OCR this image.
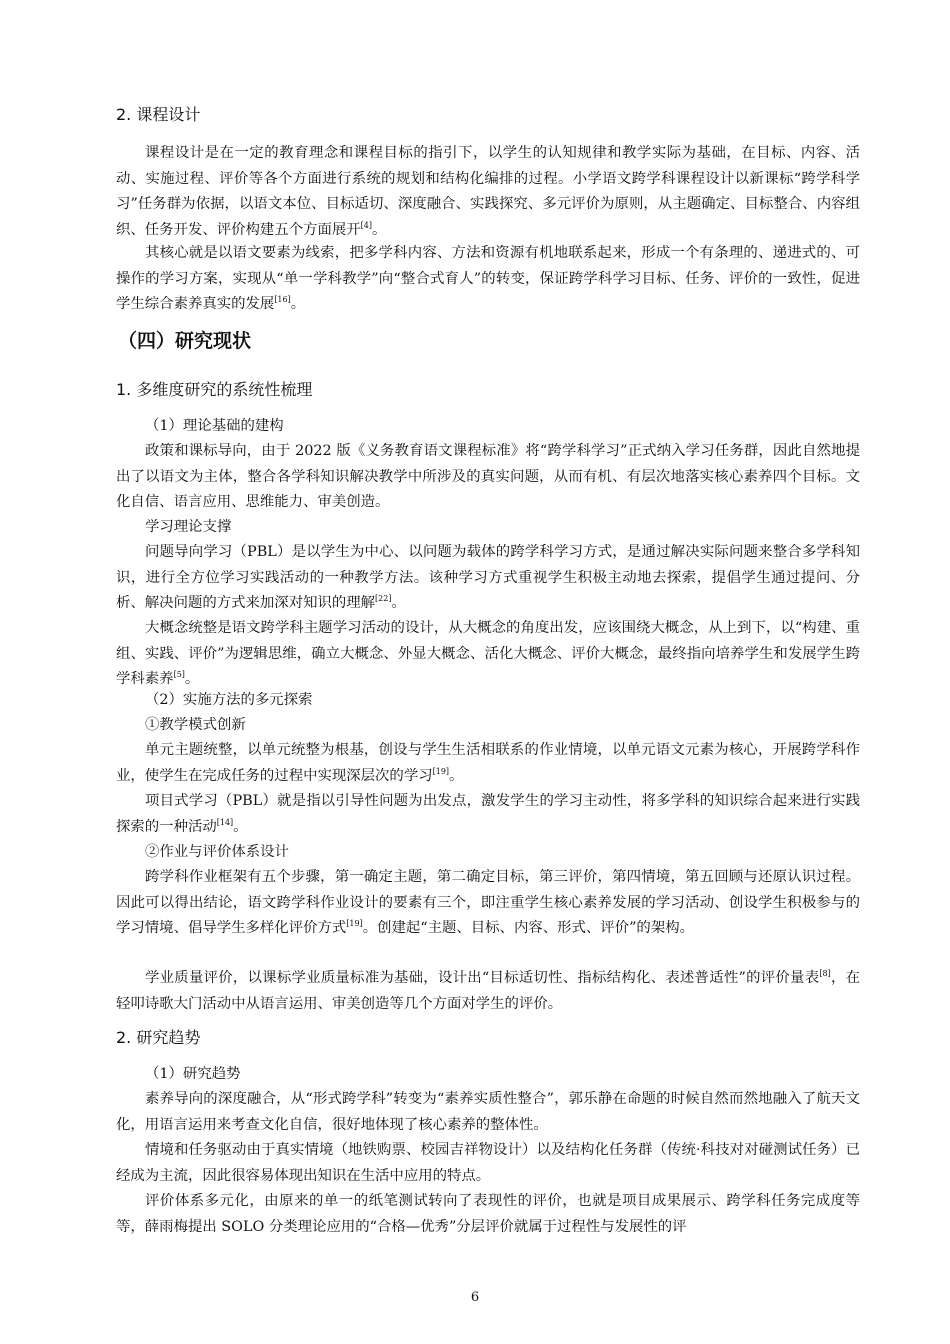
2. 课程设计
课程设计是在一定的教育理念和课程目标的指引下，以学生的认知规律和教学实际为基础，在目标、内容、活动、实施过程、评价等各个方面进行系统的规划和结构化编排的过程。小学语文跨学科课程设计以新课标“跨学科学习”任务群为依据，以语文本位、目标适切、深度融合、实践探究、多元评价为原则，从主题确定、目标整合、内容组织、任务开发、评价构建五个方面展开[4]。
其核心就是以语文要素为线索，把多学科内容、方法和资源有机地联系起来，形成一个有条理的、递进式的、可操作的学习方案，实现从“单一学科教学”向“整合式育人”的转变，保证跨学科学习目标、任务、评价的一致性，促进学生综合素养真实的发展[16]。
（四）研究现状
1. 多维度研究的系统性梳理
（1）理论基础的建构
政策和课标导向，由于 2022 版《义务教育语文课程标准》将“跨学科学习”正式纳入学习任务群，因此自然地提出了以语文为主体，整合各学科知识解决教学中所涉及的真实问题，从而有机、有层次地落实核心素养四个目标。文化自信、语言应用、思维能力、审美创造。
学习理论支撑
问题导向学习（PBL）是以学生为中心、以问题为载体的跨学科学习方式，是通过解决实际问题来整合多学科知识，进行全方位学习实践活动的一种教学方法。该种学习方式重视学生积极主动地去探索，提倡学生通过提问、分析、解决问题的方式来加深对知识的理解[22]。
大概念统整是语文跨学科主题学习活动的设计，从大概念的角度出发，应该围绕大概念，从上到下，以“构建、重组、实践、评价”为逻辑思维，确立大概念、外显大概念、活化大概念、评价大概念，最终指向培养学生和发展学生跨学科素养[5]。
（2）实施方法的多元探索
①教学模式创新
单元主题统整，以单元统整为根基，创设与学生生活相联系的作业情境，以单元语文元素为核心，开展跨学科作业，使学生在完成任务的过程中实现深层次的学习[19]。
项目式学习（PBL）就是指以引导性问题为出发点，激发学生的学习主动性，将多学科的知识综合起来进行实践探索的一种活动[14]。
②作业与评价体系设计
跨学科作业框架有五个步骤，第一确定主题，第二确定目标，第三评价，第四情境，第五回顾与还原认识过程。因此可以得出结论，语文跨学科作业设计的要素有三个，即注重学生核心素养发展的学习活动、创设学生积极参与的学习情境、倡导学生多样化评价方式[19]。创建起“主题、目标、内容、形式、评价”的架构。
学业质量评价，以课标学业质量标准为基础，设计出“目标适切性、指标结构化、表述普适性”的评价量表[8]，在轻叩诗歌大门活动中从语言运用、审美创造等几个方面对学生的评价。
2. 研究趋势
（1）研究趋势
素养导向的深度融合，从“形式跨学科”转变为“素养实质性整合”，郭乐静在命题的时候自然而然地融入了航天文化，用语言运用来考查文化自信，很好地体现了核心素养的整体性。
情境和任务驱动由于真实情境（地铁购票、校园吉祥物设计）以及结构化任务群（传统·科技对对碰测试任务）已经成为主流，因此很容易体现出知识在生活中应用的特点。
评价体系多元化，由原来的单一的纸笔测试转向了表现性的评价，也就是项目成果展示、跨学科任务完成度等等，薛雨梅提出 SOLO 分类理论应用的“合格—优秀”分层评价就属于过程性与发展性的评
6
